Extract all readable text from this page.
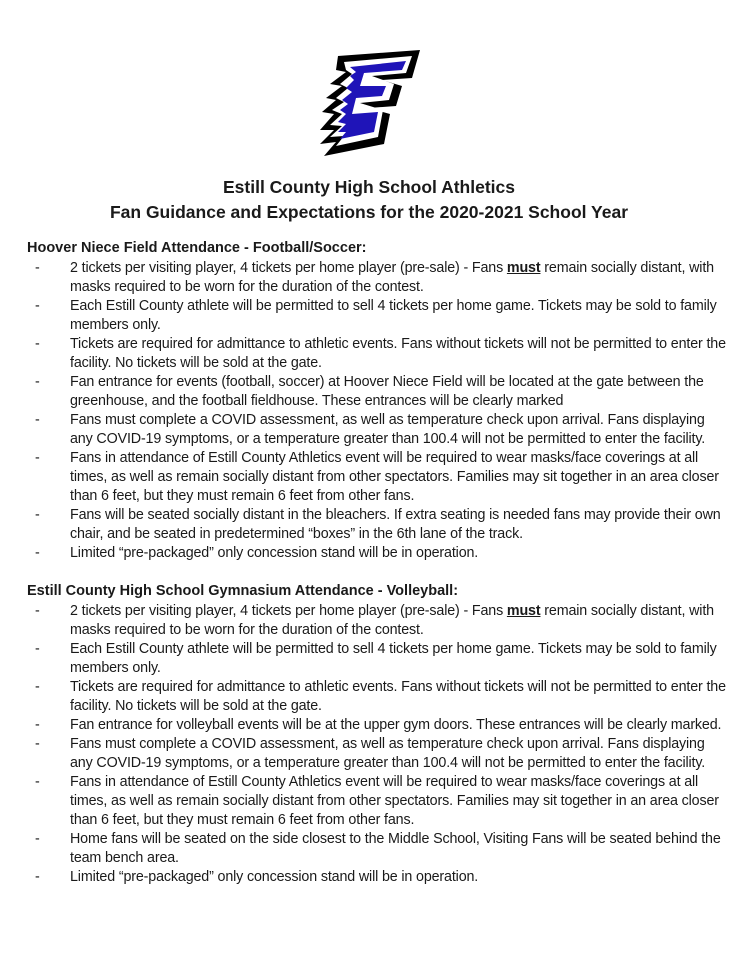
Estill County High School Athletics
Fan Guidance and Expectations for the 2020-2021 School Year
Hoover Niece Field Attendance - Football/Soccer:
- 2 tickets per visiting player, 4 tickets per home player (pre-sale) - Fans must remain socially distant, with masks required to be worn for the duration of the contest.
- Each Estill County athlete will be permitted to sell 4 tickets per home game. Tickets may be sold to family members only.
- Tickets are required for admittance to athletic events. Fans without tickets will not be permitted to enter the facility. No tickets will be sold at the gate.
- Fan entrance for events (football, soccer) at Hoover Niece Field will be located at the gate between the greenhouse, and the football fieldhouse. These entrances will be clearly marked
- Fans must complete a COVID assessment, as well as temperature check upon arrival. Fans displaying any COVID-19 symptoms, or a temperature greater than 100.4 will not be permitted to enter the facility.
- Fans in attendance of Estill County Athletics event will be required to wear masks/face coverings at all times, as well as remain socially distant from other spectators. Families may sit together in an area closer than 6 feet, but they must remain 6 feet from other fans.
- Fans will be seated socially distant in the bleachers. If extra seating is needed fans may provide their own chair, and be seated in predetermined “boxes” in the 6th lane of the track.
- Limited “pre-packaged” only concession stand will be in operation.
Estill County High School Gymnasium Attendance - Volleyball:
- 2 tickets per visiting player, 4 tickets per home player (pre-sale) - Fans must remain socially distant, with masks required to be worn for the duration of the contest.
- Each Estill County athlete will be permitted to sell 4 tickets per home game. Tickets may be sold to family members only.
- Tickets are required for admittance to athletic events. Fans without tickets will not be permitted to enter the facility. No tickets will be sold at the gate.
- Fan entrance for volleyball events will be at the upper gym doors. These entrances will be clearly marked.
- Fans must complete a COVID assessment, as well as temperature check upon arrival. Fans displaying any COVID-19 symptoms, or a temperature greater than 100.4 will not be permitted to enter the facility.
- Fans in attendance of Estill County Athletics event will be required to wear masks/face coverings at all times, as well as remain socially distant from other spectators. Families may sit together in an area closer than 6 feet, but they must remain 6 feet from other fans.
- Home fans will be seated on the side closest to the Middle School, Visiting Fans will be seated behind the team bench area.
- Limited “pre-packaged” only concession stand will be in operation.
